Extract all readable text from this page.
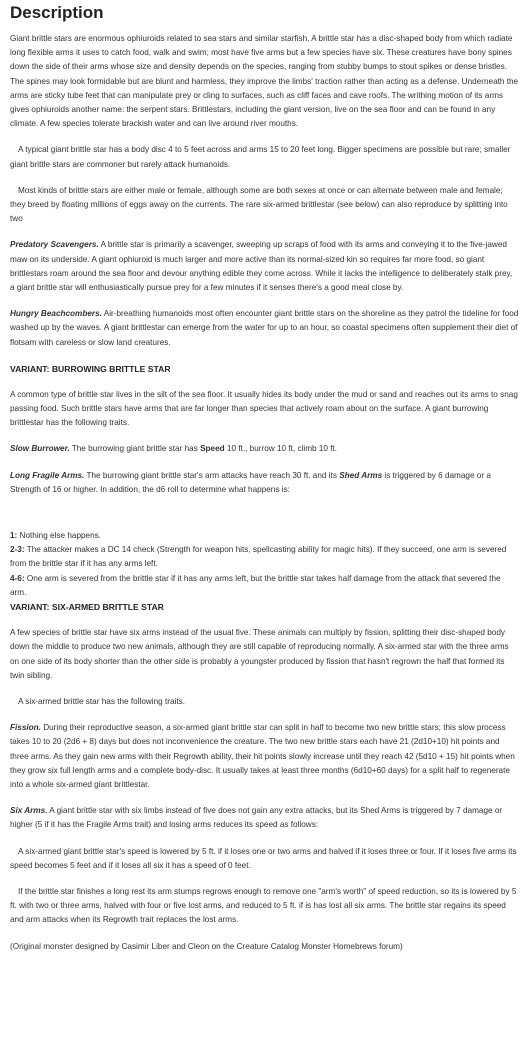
Description

Giant brittle stars are enormous ophiuroids related to sea stars and similar starfish. A brittle star has a disc-shaped body from which radiate long flexible arms it uses to catch food, walk and swim; most have five arms but a few species have six. These creatures have bony spines down the side of their arms whose size and density depends on the species, ranging from stubby bumps to stout spikes or dense bristles. The spines may look formidable but are blunt and harmless, they improve the limbs' traction rather than acting as a defense. Underneath the arms are sticky tube feet that can manipulate prey or cling to surfaces, such as cliff faces and cave roofs. The writhing motion of its arms gives ophiuroids another name: the serpent stars. Brittlestars, including the giant version, live on the sea floor and can be found in any climate. A few species tolerate brackish water and can live around river mouths.

A typical giant brittle star has a body disc 4 to 5 feet across and arms 15 to 20 feet long. Bigger specimens are possible but rare; smaller giant brittle stars are commoner but rarely attack humanoids.

Most kinds of brittle stars are either male or female, although some are both sexes at once or can alternate between male and female; they breed by floating millions of eggs away on the currents. The rare six-armed brittlestar (see below) can also reproduce by splitting into two

Predatory Scavengers. A brittle star is primarily a scavenger, sweeping up scraps of food with its arms and conveying it to the five-jawed maw on its underside. A giant ophiuroid is much larger and more active than its normal-sized kin so requires far more food, so giant brittlestars roam around the sea floor and devour anything edible they come across. While it lacks the intelligence to deliberately stalk prey, a giant brittle star will enthusiastically pursue prey for a few minutes if it senses there's a good meal close by.

Hungry Beachcombers. Air-breathing humanoids most often encounter giant brittle stars on the shoreline as they patrol the tideline for food washed up by the waves. A giant brittlestar can emerge from the water for up to an hour, so coastal specimens often supplement their diet of flotsam with careless or slow land creatures.

VARIANT: BURROWING BRITTLE STAR

A common type of brittle star lives in the silt of the sea floor. It usually hides its body under the mud or sand and reaches out its arms to snag passing food. Such brittle stars have arms that are far longer than species that actively roam about on the surface. A giant burrowing brittlestar has the following traits.

Slow Burrower. The burrowing giant brittle star has Speed 10 ft., burrow 10 ft, climb 10 ft.

Long Fragile Arms. The burrowing giant brittle star's arm attacks have reach 30 ft. and its Shed Arms is triggered by 6 damage or a Strength of 16 or higher. In addition, the d6 roll to determine what happens is:

1: Nothing else happens.
2-3: The attacker makes a DC 14 check (Strength for weapon hits, spellcasting ability for magic hits). If they succeed, one arm is severed from the brittle star if it has any arms left.
4-6: One arm is severed from the brittle star if it has any arms left, but the brittle star takes half damage from the attack that severed the arm.
VARIANT: SIX-ARMED BRITTLE STAR

A few species of brittle star have six arms instead of the usual five. These animals can multiply by fission, splitting their disc-shaped body down the middle to produce two new animals, although they are still capable of reproducing normally. A six-armed star with the three arms on one side of its body shorter than the other side is probably a youngster produced by fission that hasn't regrown the half that formed its twin sibling.

A six-armed brittle star has the following traits.

Fission. During their reproductive season, a six-armed giant brittle star can split in half to become two new brittle stars; this slow process takes 10 to 20 (2d6 + 8) days but does not inconvenience the creature. The two new brittle stars each have 21 (2d10+10) hit points and three arms. As they gain new arms with their Regrowth ability, their hit points slowly increase until they reach 42 (5d10 + 15) hit points when they grow six full length arms and a complete body-disc. It usually takes at least three months (6d10+60 days) for a split half to regenerate into a whole six-armed giant brittlestar.

Six Arms. A giant brittle star with six limbs instead of five does not gain any extra attacks, but its Shed Arms is triggered by 7 damage or higher (5 if it has the Fragile Arms trait) and losing arms reduces its speed as follows:

A six-armed giant brittle star's speed is lowered by 5 ft. if it loses one or two arms and halved if it loses three or four. If it loses five arms its speed becomes 5 feet and if it loses all six it has a speed of 0 feet.

If the brittle star finishes a long rest its arm stumps regrows enough to remove one "arm's worth" of speed reduction, so its is lowered by 5 ft. with two or three arms, halved with four or five lost arms, and reduced to 5 ft. if is has lost all six arms. The brittle star regains its speed and arm attacks when its Regrowth trait replaces the lost arms.

(Original monster designed by Casimir Liber and Cleon on the Creature Catalog Monster Homebrews forum)
